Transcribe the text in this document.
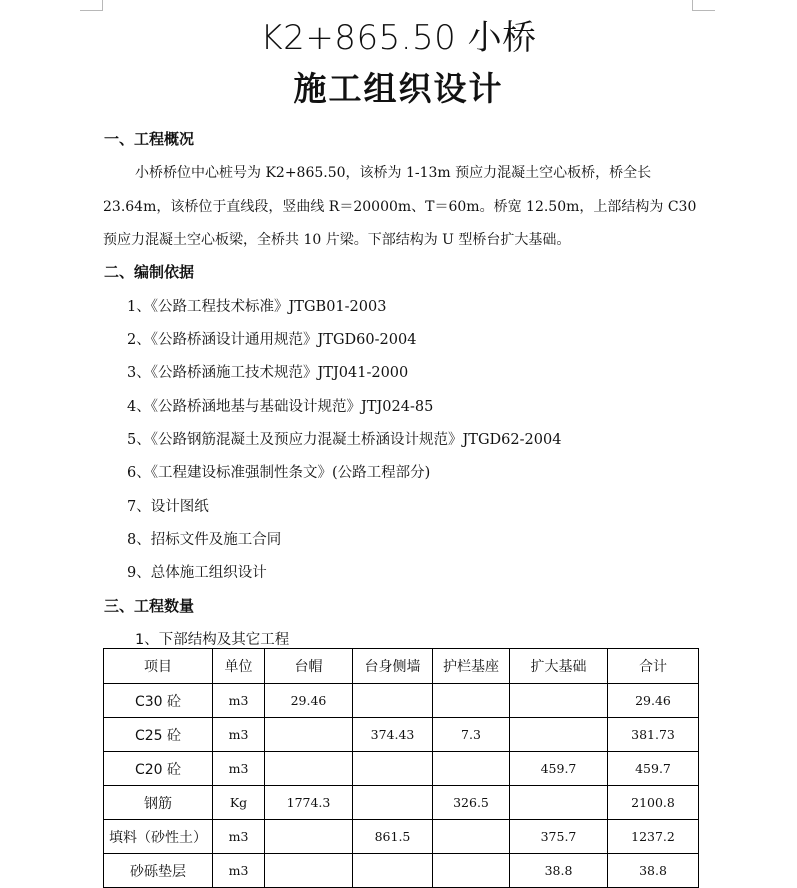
K2+865.50 小桥
施工组织设计
一、工程概况
小桥桥位中心桩号为 K2+865.50，该桥为 1-13m 预应力混凝土空心板桥，桥全长
23.64m，该桥位于直线段，竖曲线 R＝20000m、T＝60m。桥宽 12.50m，上部结构为 C30
预应力混凝土空心板梁，全桥共 10 片梁。下部结构为 U 型桥台扩大基础。
二、编制依据
1、《公路工程技术标准》JTGB01-2003
2、《公路桥涵设计通用规范》JTGD60-2004
3、《公路桥涵施工技术规范》JTJ041-2000
4、《公路桥涵地基与基础设计规范》JTJ024-85
5、《公路钢筋混凝土及预应力混凝土桥涵设计规范》JTGD62-2004
6、《工程建设标准强制性条文》(公路工程部分)
7、设计图纸
8、招标文件及施工合同
9、总体施工组织设计
三、工程数量
1、下部结构及其它工程
项目	单位	台帽	台身侧墙	护栏基座	扩大基础	合计
C30 砼	m3	29.46				29.46
C25 砼	m3		374.43	7.3		381.73
C20 砼	m3				459.7	459.7
钢筋	Kg	1774.3		326.5		2100.8
填料（砂性土）	m3		861.5		375.7	1237.2
砂砾垫层	m3				38.8	38.8
